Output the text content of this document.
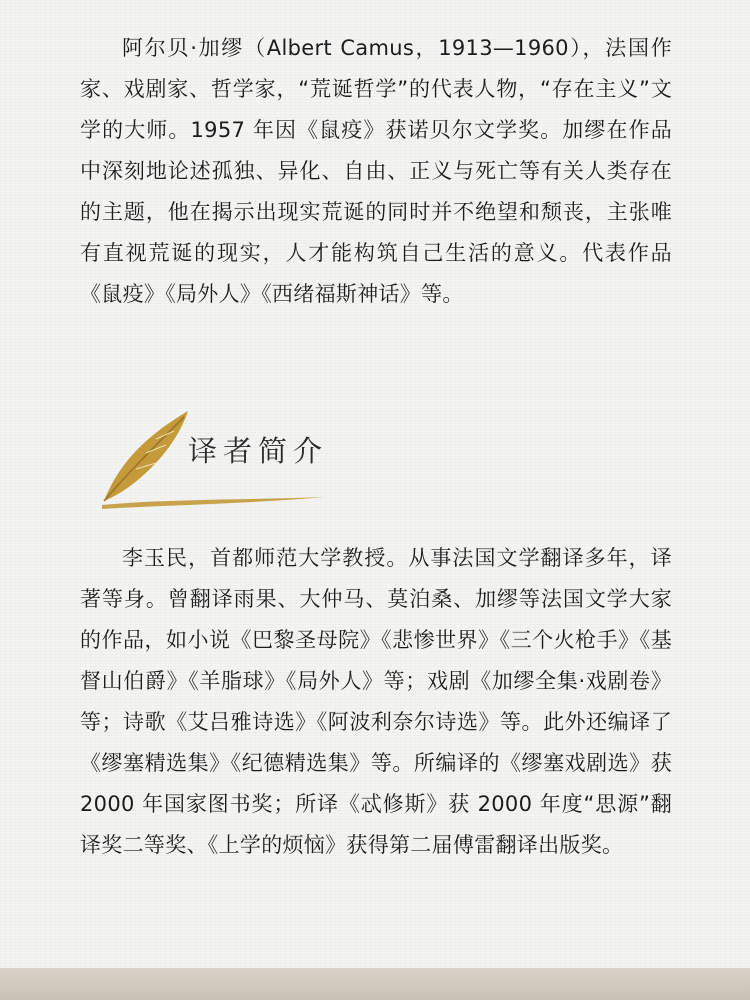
阿尔贝·加缪（Albert Camus，1913—1960），法国作家、戏剧家、哲学家，“荒诞哲学”的代表人物，“存在主义”文学的大师。1957 年因《鼠疫》获诺贝尔文学奖。加缪在作品中深刻地论述孤独、异化、自由、正义与死亡等有关人类存在的主题，他在揭示出现实荒诞的同时并不绝望和颓丧，主张唯有直视荒诞的现实，人才能构筑自己生活的意义。代表作品《鼠疫》《局外人》《西绪福斯神话》等。

译者简介

李玉民，首都师范大学教授。从事法国文学翻译多年，译著等身。曾翻译雨果、大仲马、莫泊桑、加缪等法国文学大家的作品，如小说《巴黎圣母院》《悲惨世界》《三个火枪手》《基督山伯爵》《羊脂球》《局外人》等；戏剧《加缪全集·戏剧卷》等；诗歌《艾吕雅诗选》《阿波利奈尔诗选》等。此外还编译了《缪塞精选集》《纪德精选集》等。所编译的《缪塞戏剧选》获 2000 年国家图书奖；所译《忒修斯》获 2000 年度“思源”翻译奖二等奖、《上学的烦恼》获得第二届傅雷翻译出版奖。
